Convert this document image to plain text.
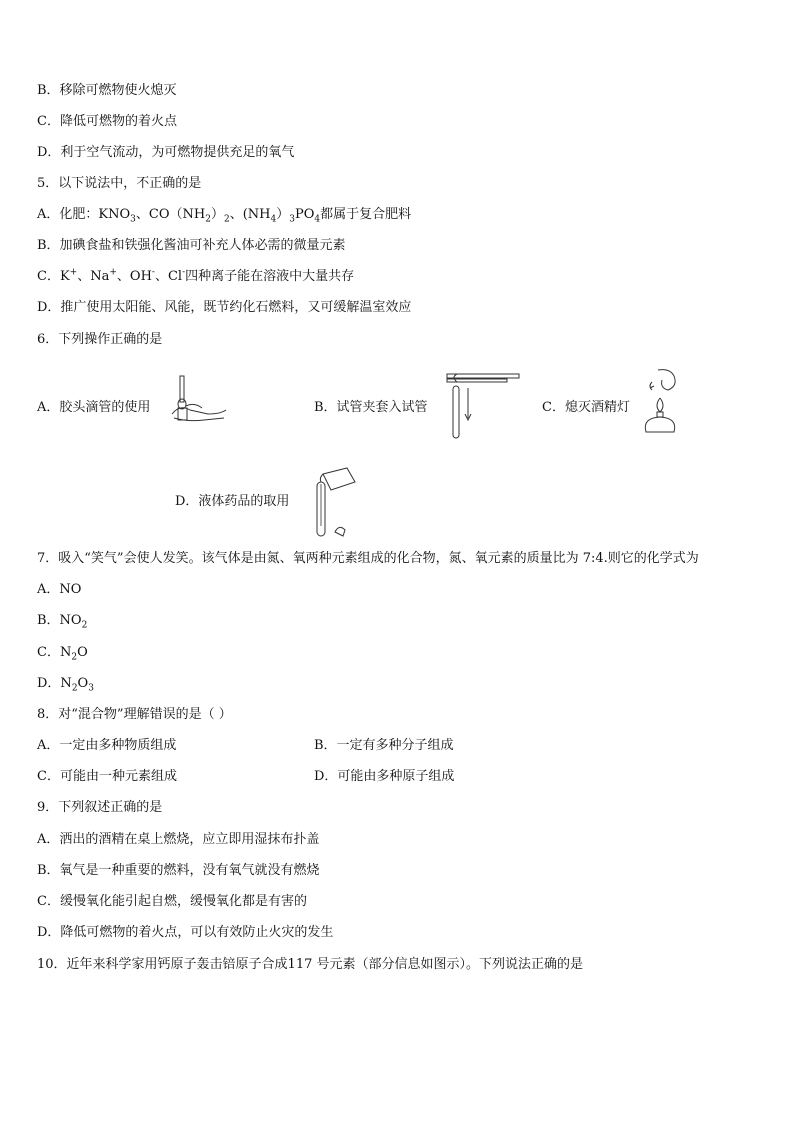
B．移除可燃物使火熄灭
C．降低可燃物的着火点
D．利于空气流动，为可燃物提供充足的氧气
5．以下说法中，不正确的是
A．化肥：$KNO_3$、$CO(NH_2)_2$、$(NH_4)_3PO_4$都属于复合肥料
B．加碘食盐和铁强化酱油可补充人体必需的微量元素
C．K+、Na+、OH-、Cl-四种离子能在溶液中大量共存
D．推广使用太阳能、风能，既节约化石燃料，又可缓解温室效应
6．下列操作正确的是
A．胶头滴管的使用	B．试管夹套入试管	C．熄灭酒精灯
D．液体药品的取用
7．吸入“笑气”会使人发笑。该气体是由氮、氧两种元素组成的化合物，氮、氧元素的质量比为 7:4.则它的化学式为
A．NO
B．$NO_2$
C．$N_2O$
D．$N_2O_3$
8．对“混合物”理解错误的是（ ）
A．一定由多种物质组成	B．一定有多种分子组成
C．可能由一种元素组成	D．可能由多种原子组成
9．下列叙述正确的是
A．洒出的酒精在桌上燃烧，应立即用湿抹布扑盖
B．氧气是一种重要的燃料，没有氧气就没有燃烧
C．缓慢氧化能引起自燃，缓慢氧化都是有害的
D．降低可燃物的着火点，可以有效防止火灾的发生
10．近年来科学家用钙原子轰击锫原子合成117 号元素（部分信息如图示）。下列说法正确的是
